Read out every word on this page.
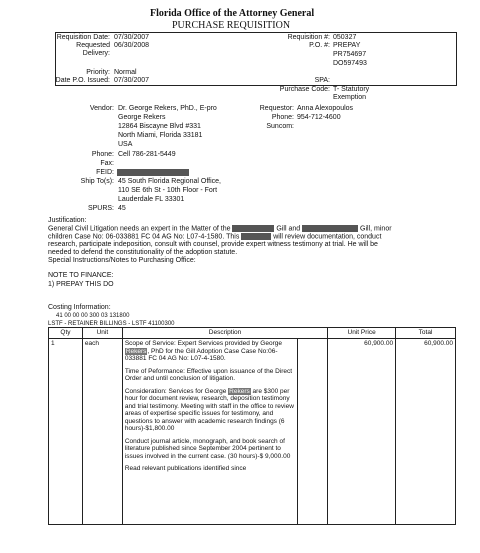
Florida Office of the Attorney General
PURCHASE REQUISITION
Requisition Date: 07/30/2007
Requested 06/30/2008
Delivery:
Priority: Normal
Date P.O. Issued: 07/30/2007
Requisition #: 050327
P.O. #: PREPAY
PR754697
DO597493
SPA:
Purchase Code: T- Statutory
Exemption
Vendor: Dr. George Rekers, PhD., E-pro
George Rekers
12864 Biscayne Blvd #331
North Miami, Florida 33181
USA
Phone: Cell 786-281-5449
Fax:
FEID:
Requestor: Anna Alexopoulos
Phone: 954-712-4600
Suncom:
Ship To(s): 45 South Florida Regional Office,
110 SE 6th St - 10th Floor - Fort
Lauderdale FL 33301
SPURS: 45
Justification:
General Civil Litigation needs an expert in the Matter of the	Gill and	Gill, minor
children Case No: 06-033881 FC 04 AG No: L07-4-1580. This	will review documentation, conduct
research, participate indeposition, consult with counsel, provide expert witness testimony at trial. He will be
needed to defend the constitutionality of the adoption statute.
Special Instructions/Notes to Purchasing Office:
NOTE TO FINANCE:
1) PREPAY THIS DO
Costing Information:
41 00 00 00 300 03 131800
LSTF - RETAINER BILLINGS - LSTF 41100300
Qty	Unit	Description		Unit Price	Total
1	each	Scope of Service: Expert Services provided by George Rekers, PhD for the Gill Adoption Case Case No:06-033881 FC 04 AG No: L07-4-1580.
Time of Peformance: Effective upon issuance of the Direct Order and until conclusion of litigation.
Consideration: Services for George Rekers are $300 per hour for document review, research, deposition testimony and trial testimony. Meeting with staff in the office to review areas of expertise specific issues for testimony, and questions to answer with academic research findings (6 hours)-$1,800.00
Conduct journal article, monograph, and book search of literature published since September 2004 pertinent to issues involved in the current case. (30 hours)-$ 9,000.00
Read relevant publications identified since		60,900.00	60,900.00
